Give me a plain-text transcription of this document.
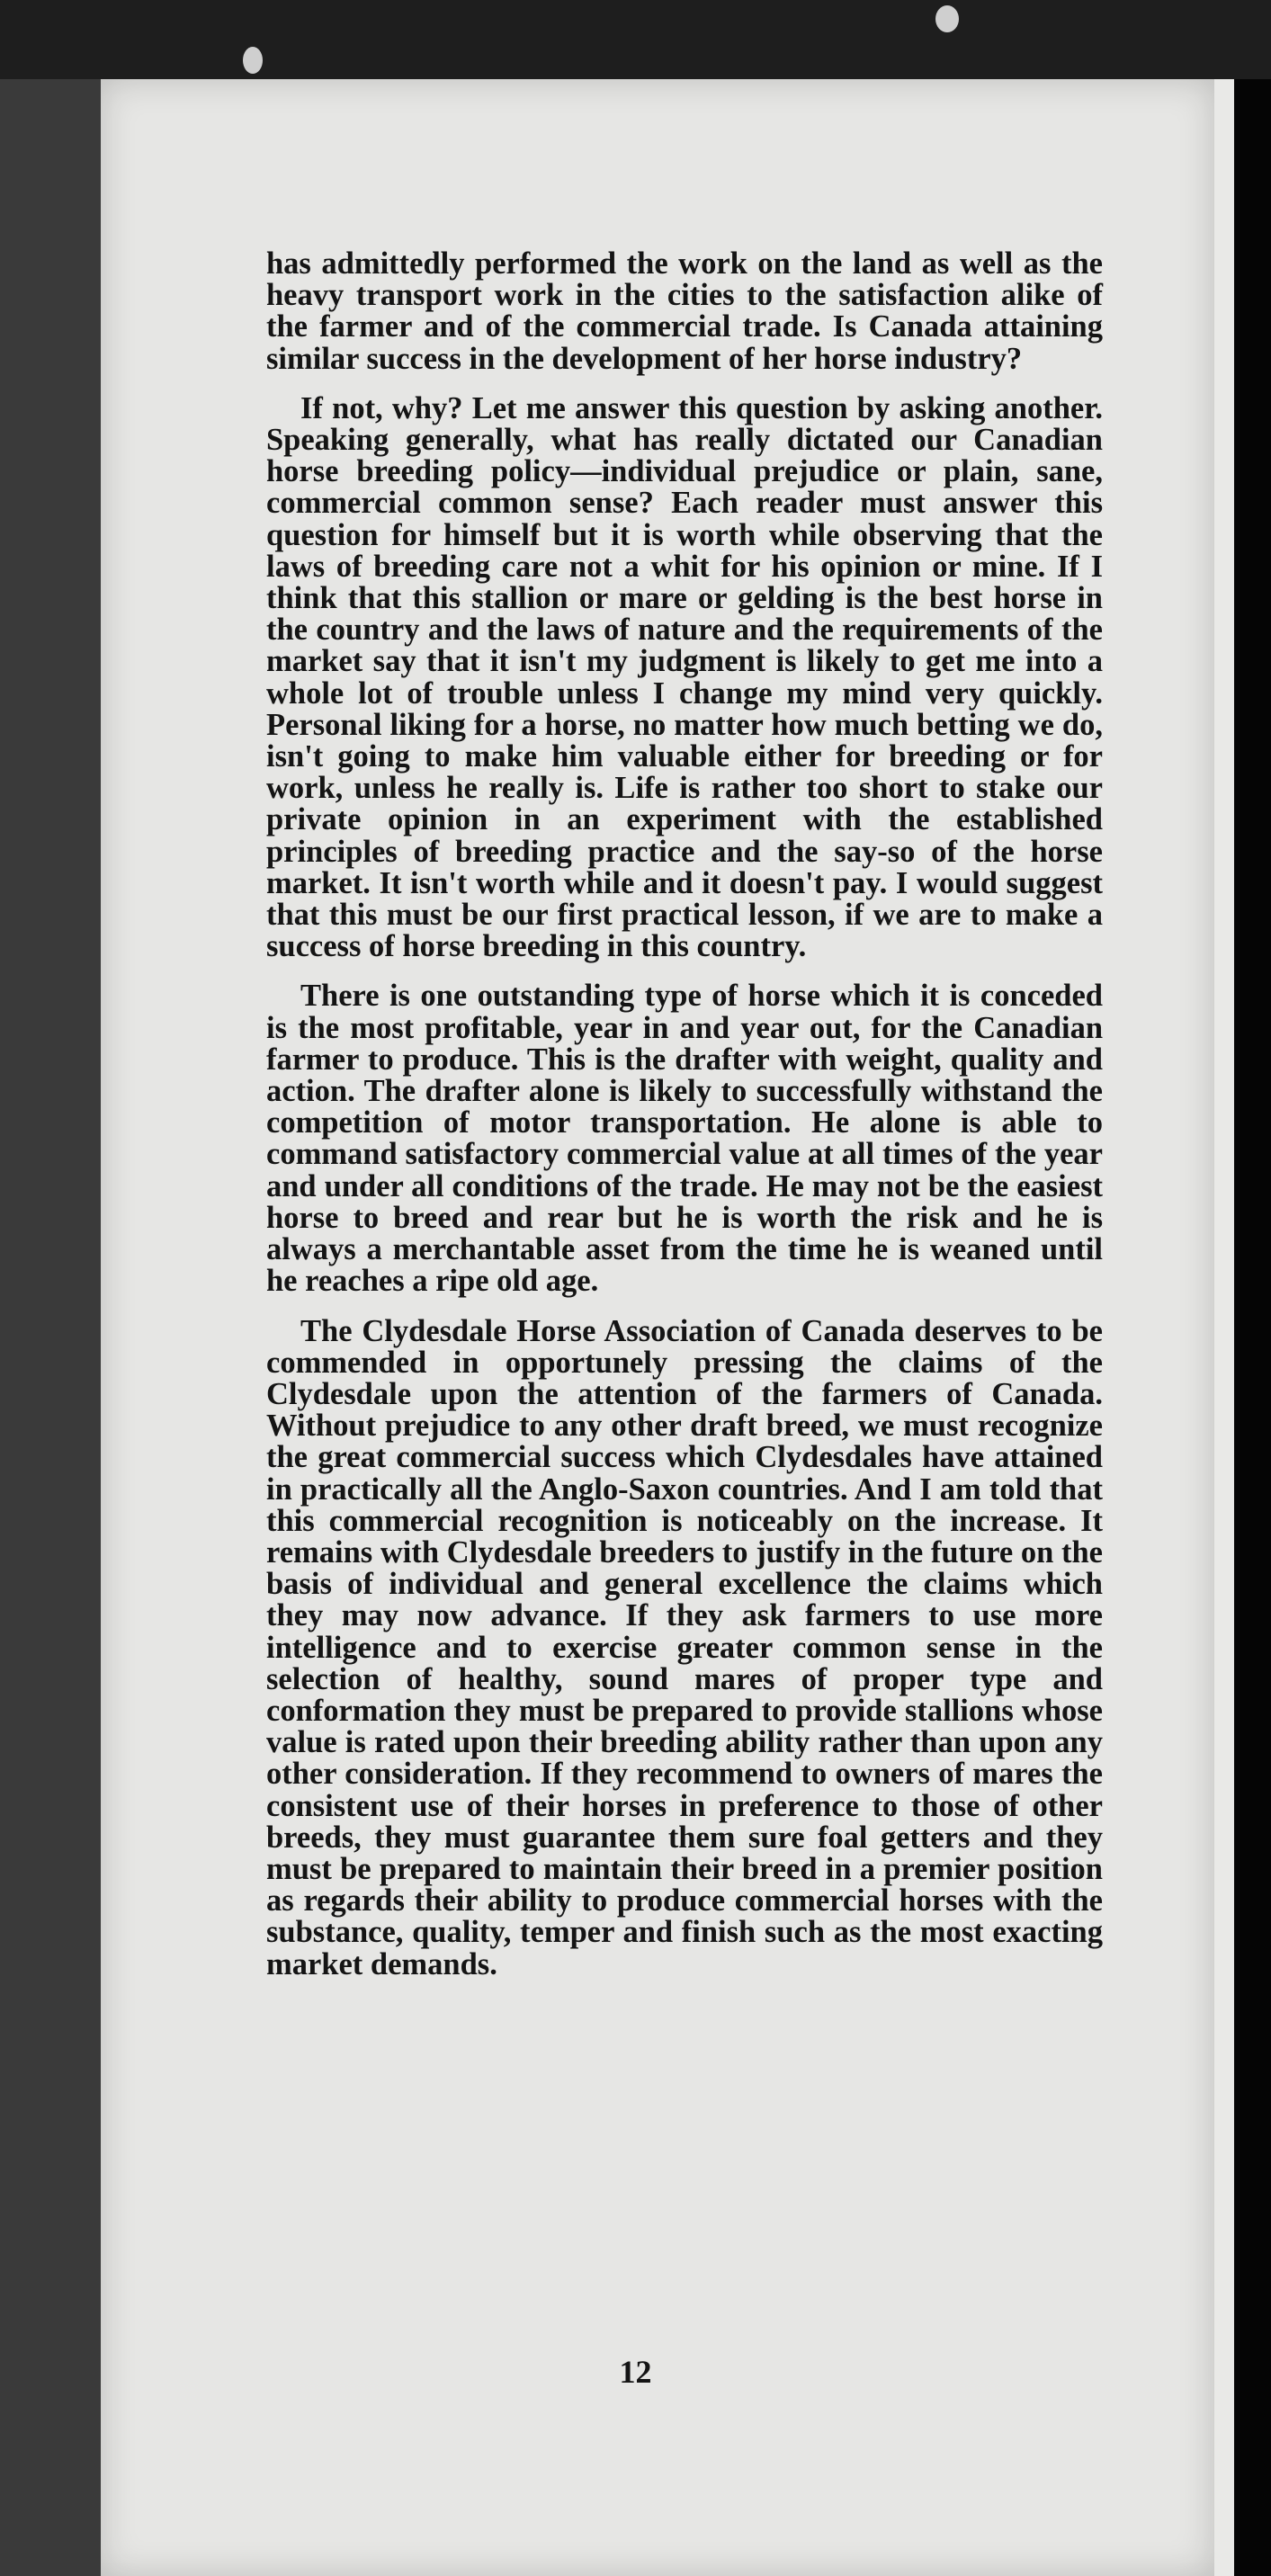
has admittedly performed the work on the land as well as the heavy transport work in the cities to the satisfaction alike of the farmer and of the commercial trade. Is Canada attaining similar success in the development of her horse industry?

If not, why? Let me answer this question by asking another. Speaking generally, what has really dictated our Canadian horse breeding policy—individual prejudice or plain, sane, commercial common sense? Each reader must answer this question for himself but it is worth while observing that the laws of breeding care not a whit for his opinion or mine. If I think that this stallion or mare or gelding is the best horse in the country and the laws of nature and the requirements of the market say that it isn't my judgment is likely to get me into a whole lot of trouble unless I change my mind very quickly. Personal liking for a horse, no matter how much betting we do, isn't going to make him valuable either for breeding or for work, unless he really is. Life is rather too short to stake our private opinion in an experiment with the established principles of breeding practice and the say-so of the horse market. It isn't worth while and it doesn't pay. I would suggest that this must be our first practical lesson, if we are to make a success of horse breeding in this country.

There is one outstanding type of horse which it is conceded is the most profitable, year in and year out, for the Canadian farmer to produce. This is the drafter with weight, quality and action. The drafter alone is likely to successfully withstand the competition of motor transportation. He alone is able to command satisfactory commercial value at all times of the year and under all conditions of the trade. He may not be the easiest horse to breed and rear but he is worth the risk and he is always a merchantable asset from the time he is weaned until he reaches a ripe old age.

The Clydesdale Horse Association of Canada deserves to be commended in opportunely pressing the claims of the Clydesdale upon the attention of the farmers of Canada. Without prejudice to any other draft breed, we must recognize the great commercial success which Clydesdales have attained in practically all the Anglo-Saxon countries. And I am told that this commercial recognition is noticeably on the increase. It remains with Clydesdale breeders to justify in the future on the basis of individual and general excellence the claims which they may now advance. If they ask farmers to use more intelligence and to exercise greater common sense in the selection of healthy, sound mares of proper type and conformation they must be prepared to provide stallions whose value is rated upon their breeding ability rather than upon any other consideration. If they recommend to owners of mares the consistent use of their horses in preference to those of other breeds, they must guarantee them sure foal getters and they must be prepared to maintain their breed in a premier position as regards their ability to produce commercial horses with the substance, quality, temper and finish such as the most exacting market demands.

12
